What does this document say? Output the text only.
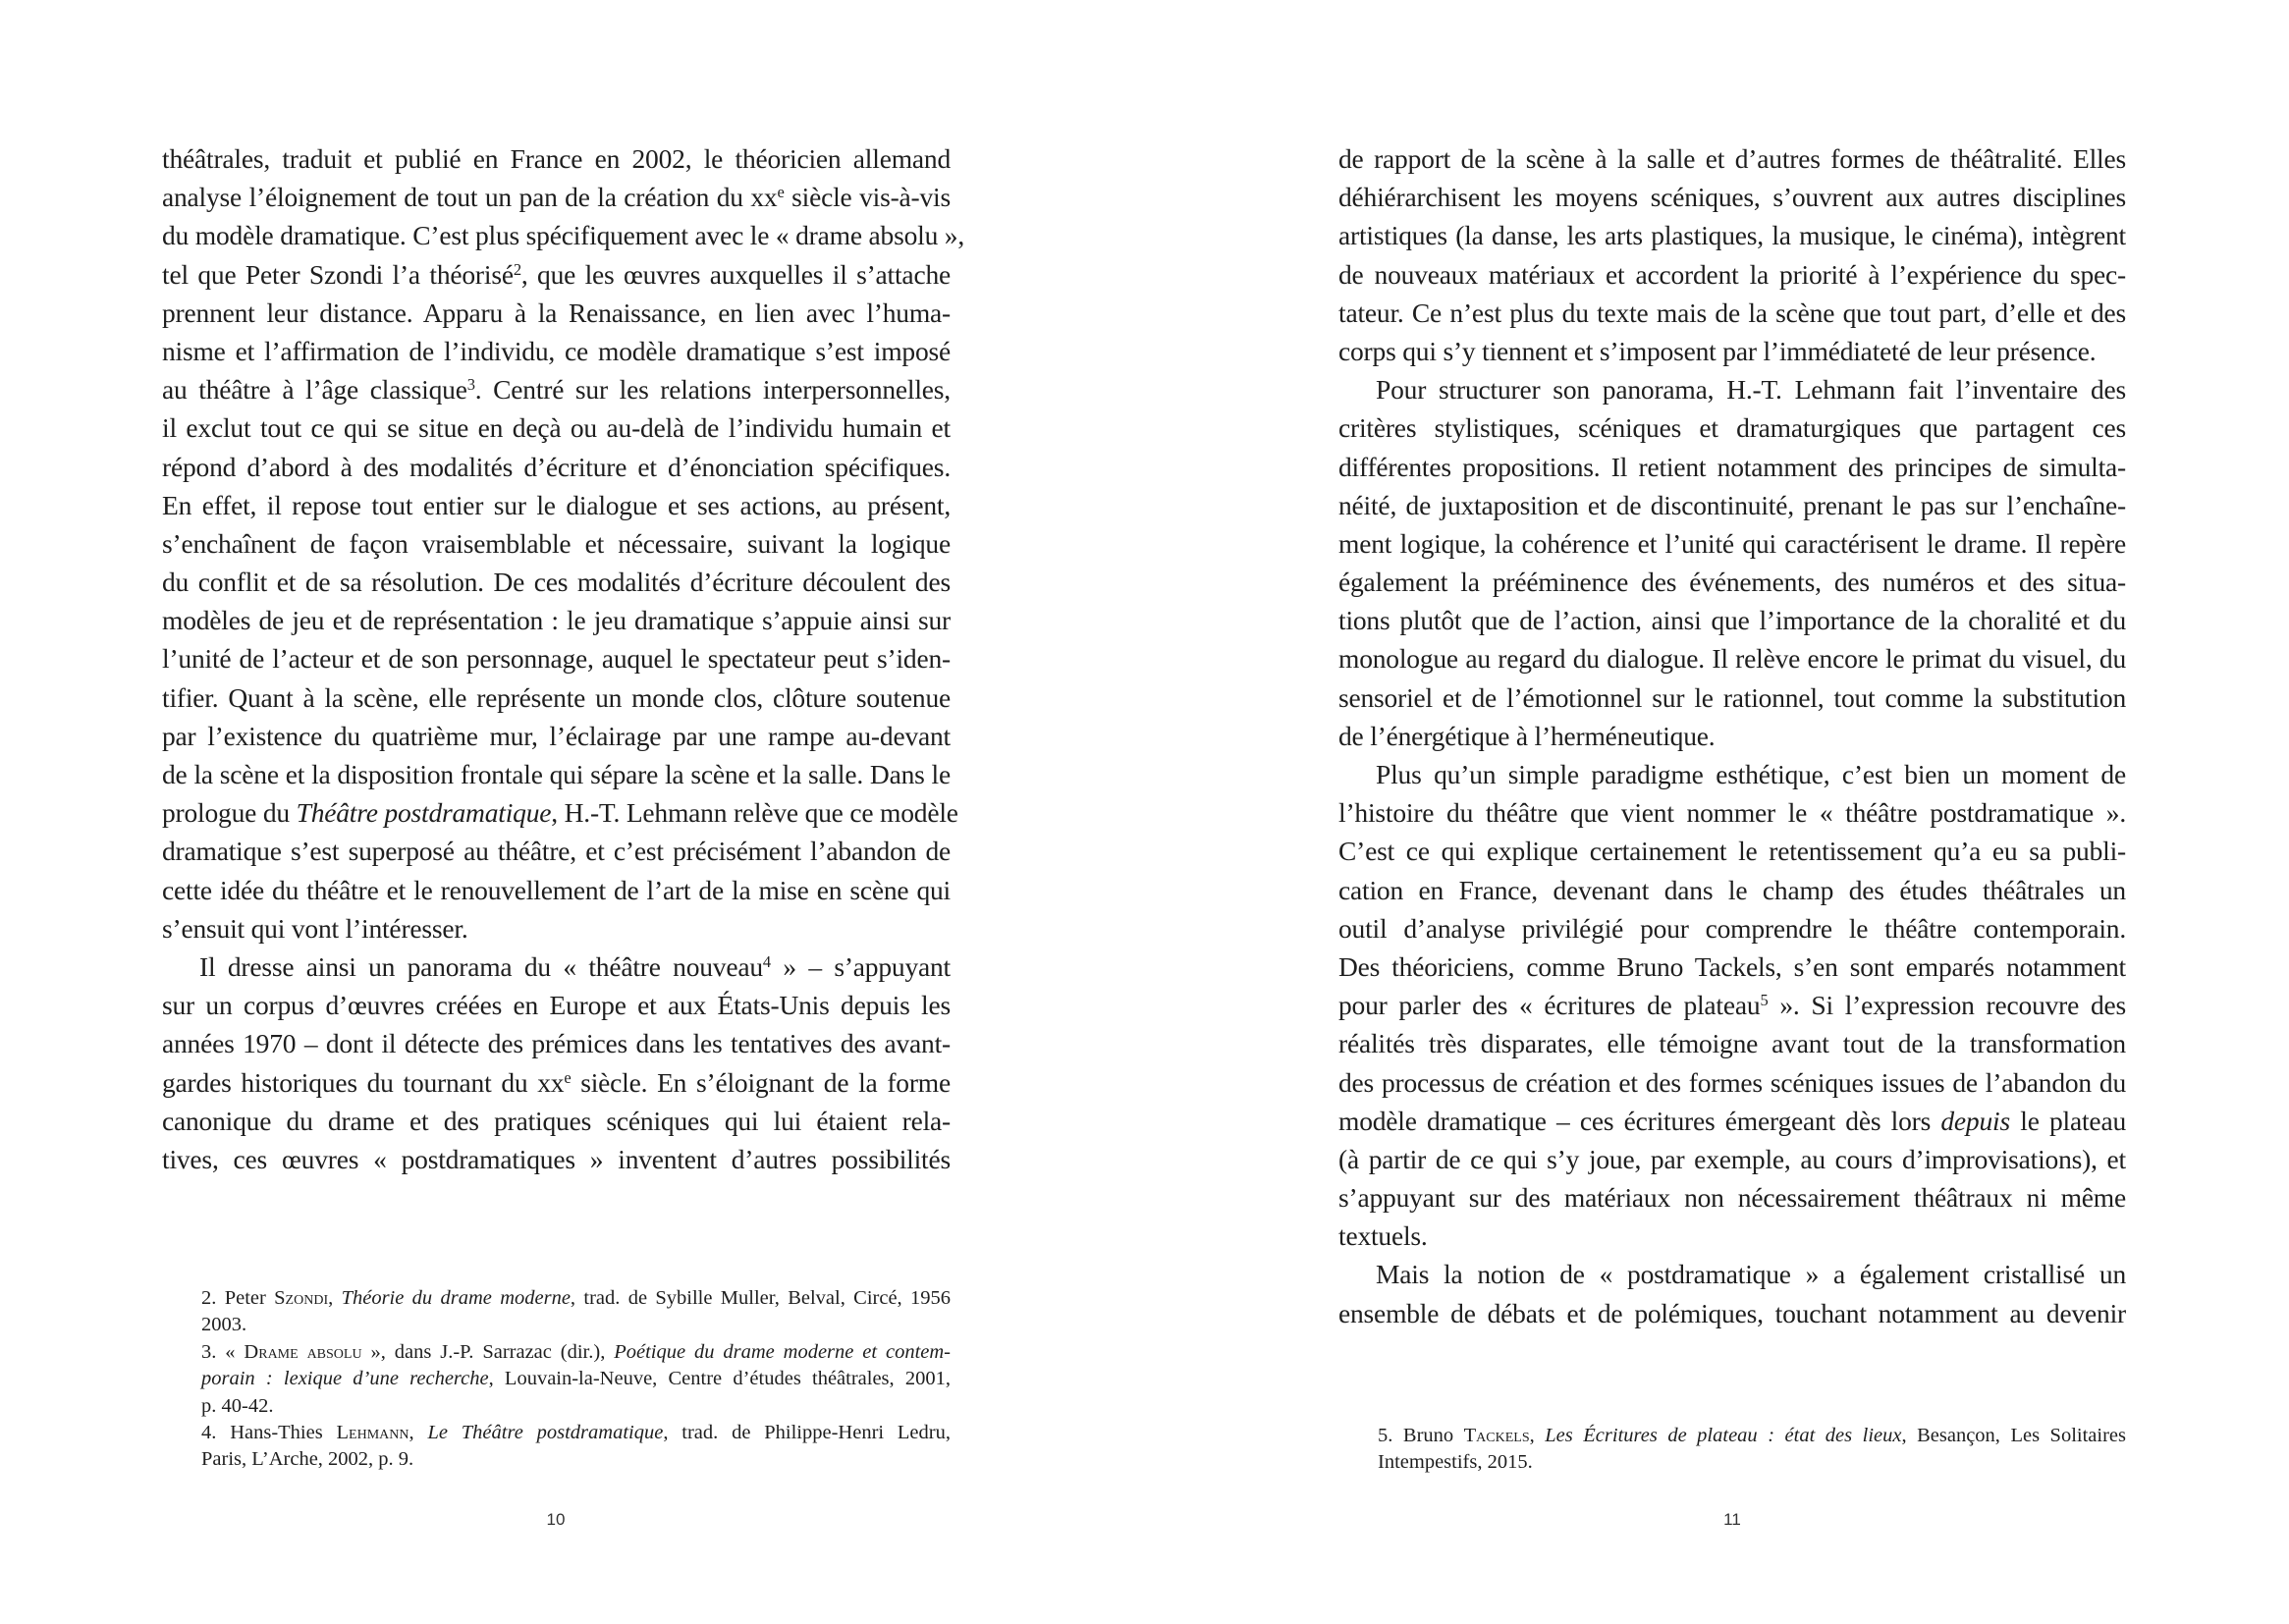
théâtrales, traduit et publié en France en 2002, le théoricien allemand
analyse l’éloignement de tout un pan de la création du $xx^e$ siècle vis-à-vis
du modèle dramatique. C’est plus spécifiquement avec le « drame absolu »,
tel que Peter Szondi l’a théorisé$^2$, que les œuvres auxquelles il s’attache
prennent leur distance. Apparu à la Renaissance, en lien avec l’huma-
nisme et l’affirmation de l’individu, ce modèle dramatique s’est imposé
au théâtre à l’âge classique$^3$. Centré sur les relations interpersonnelles,
il exclut tout ce qui se situe en deçà ou au-delà de l’individu humain et
répond d’abord à des modalités d’écriture et d’énonciation spécifiques.
En effet, il repose tout entier sur le dialogue et ses actions, au présent,
s’enchaînent de façon vraisemblable et nécessaire, suivant la logique
du conflit et de sa résolution. De ces modalités d’écriture découlent des
modèles de jeu et de représentation : le jeu dramatique s’appuie ainsi sur
l’unité de l’acteur et de son personnage, auquel le spectateur peut s’iden-
tifier. Quant à la scène, elle représente un monde clos, clôture soutenue
par l’existence du quatrième mur, l’éclairage par une rampe au-devant
de la scène et la disposition frontale qui sépare la scène et la salle. Dans le
prologue du Théâtre postdramatique, H.-T. Lehmann relève que ce modèle
dramatique s’est superposé au théâtre, et c’est précisément l’abandon de
cette idée du théâtre et le renouvellement de l’art de la mise en scène qui
s’ensuit qui vont l’intéresser.
Il dresse ainsi un panorama du « théâtre nouveau$^4$ » – s’appuyant
sur un corpus d’œuvres créées en Europe et aux États-Unis depuis les
années 1970 – dont il détecte des prémices dans les tentatives des avant-
gardes historiques du tournant du $xx^e$ siècle. En s’éloignant de la forme
canonique du drame et des pratiques scéniques qui lui étaient rela-
tives, ces œuvres « postdramatiques » inventent d’autres possibilités
2. Peter Szondi, Théorie du drame moderne, trad. de Sybille Muller, Belval, Circé, 1956
2003.
3. « Drame absolu », dans J.-P. Sarrazac (dir.), Poétique du drame moderne et contem-
porain : lexique d’une recherche, Louvain-la-Neuve, Centre d’études théâtrales, 2001,
p. 40-42.
4. Hans-Thies Lehmann, Le Théâtre postdramatique, trad. de Philippe-Henri Ledru,
Paris, L’Arche, 2002, p. 9.
10
de rapport de la scène à la salle et d’autres formes de théâtralité. Elles
déhiérarchisent les moyens scéniques, s’ouvrent aux autres disciplines
artistiques (la danse, les arts plastiques, la musique, le cinéma), intègrent
de nouveaux matériaux et accordent la priorité à l’expérience du spec-
tateur. Ce n’est plus du texte mais de la scène que tout part, d’elle et des
corps qui s’y tiennent et s’imposent par l’immédiateté de leur présence.
Pour structurer son panorama, H.-T. Lehmann fait l’inventaire des
critères stylistiques, scéniques et dramaturgiques que partagent ces
différentes propositions. Il retient notamment des principes de simulta-
néité, de juxtaposition et de discontinuité, prenant le pas sur l’enchaîne-
ment logique, la cohérence et l’unité qui caractérisent le drame. Il repère
également la prééminence des événements, des numéros et des situa-
tions plutôt que de l’action, ainsi que l’importance de la choralité et du
monologue au regard du dialogue. Il relève encore le primat du visuel, du
sensoriel et de l’émotionnel sur le rationnel, tout comme la substitution
de l’énergétique à l’herméneutique.
Plus qu’un simple paradigme esthétique, c’est bien un moment de
l’histoire du théâtre que vient nommer le « théâtre postdramatique ».
C’est ce qui explique certainement le retentissement qu’a eu sa publi-
cation en France, devenant dans le champ des études théâtrales un
outil d’analyse privilégié pour comprendre le théâtre contemporain.
Des théoriciens, comme Bruno Tackels, s’en sont emparés notamment
pour parler des « écritures de plateau$^5$ ». Si l’expression recouvre des
réalités très disparates, elle témoigne avant tout de la transformation
des processus de création et des formes scéniques issues de l’abandon du
modèle dramatique – ces écritures émergeant dès lors depuis le plateau
(à partir de ce qui s’y joue, par exemple, au cours d’improvisations), et
s’appuyant sur des matériaux non nécessairement théâtraux ni même
textuels.
Mais la notion de « postdramatique » a également cristallisé un
ensemble de débats et de polémiques, touchant notamment au devenir
5. Bruno Tackels, Les Écritures de plateau : état des lieux, Besançon, Les Solitaires
Intempestifs, 2015.
11
